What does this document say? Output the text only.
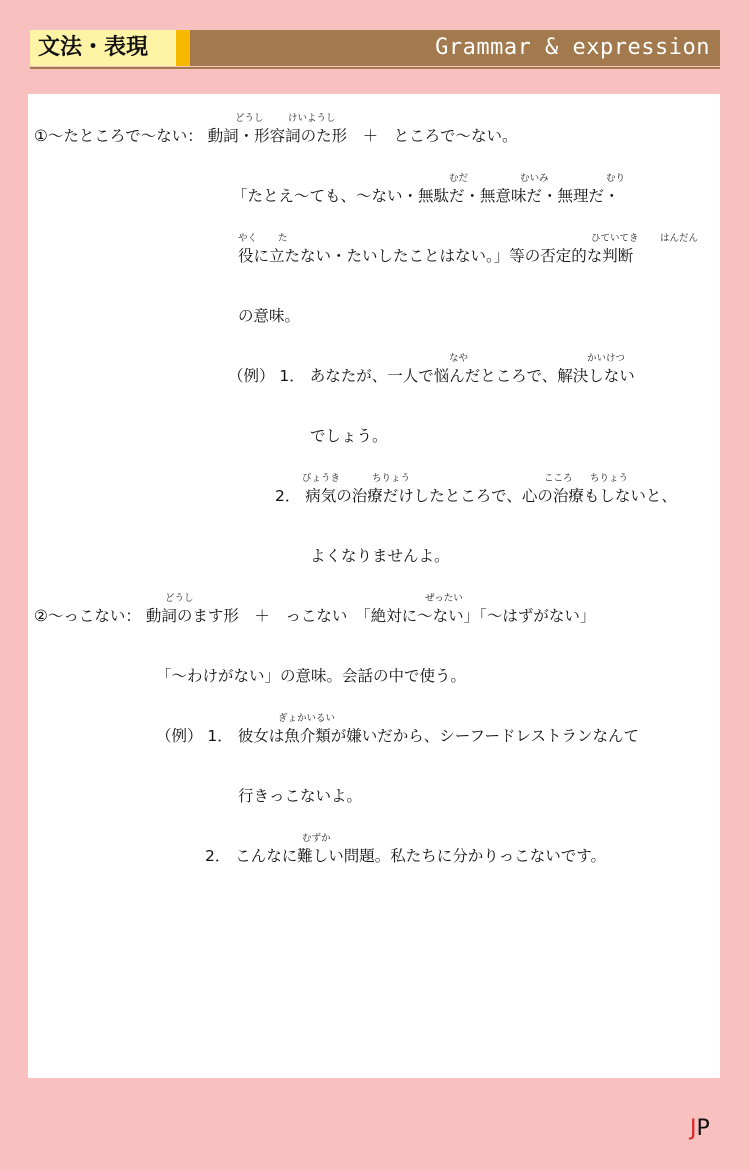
文法・表現	Grammar & expression
どうし	けいようし
①〜たところで〜ない： 動詞・形容詞のた形　＋　ところで〜ない。
むだ	むいみ	むり
「たとえ〜ても、〜ない・無駄だ・無意味だ・無理だ・
やく た	ひていてき はんだん
役に立たない・たいしたことはない。」等の否定的な判断
の意味。
なや	かいけつ
（例） 1． あなたが、一人で悩んだところで、解決しない
でしょう。
びょうき	ちりょう	こころ ちりょう
2． 病気の治療だけしたところで、心の治療もしないと、
よくなりませんよ。
どうし	ぜったい
②〜っこない： 動詞のます形　＋　っこない　「絶対に〜ない」「〜はずがない」
「〜わけがない」の意味。会話の中で使う。
ぎょかいるい
（例） 1． 彼女は魚介類が嫌いだから、シーフードレストランなんて
行きっこないよ。
むずか
2． こんなに難しい問題。私たちに分かりっこないです。
JP
